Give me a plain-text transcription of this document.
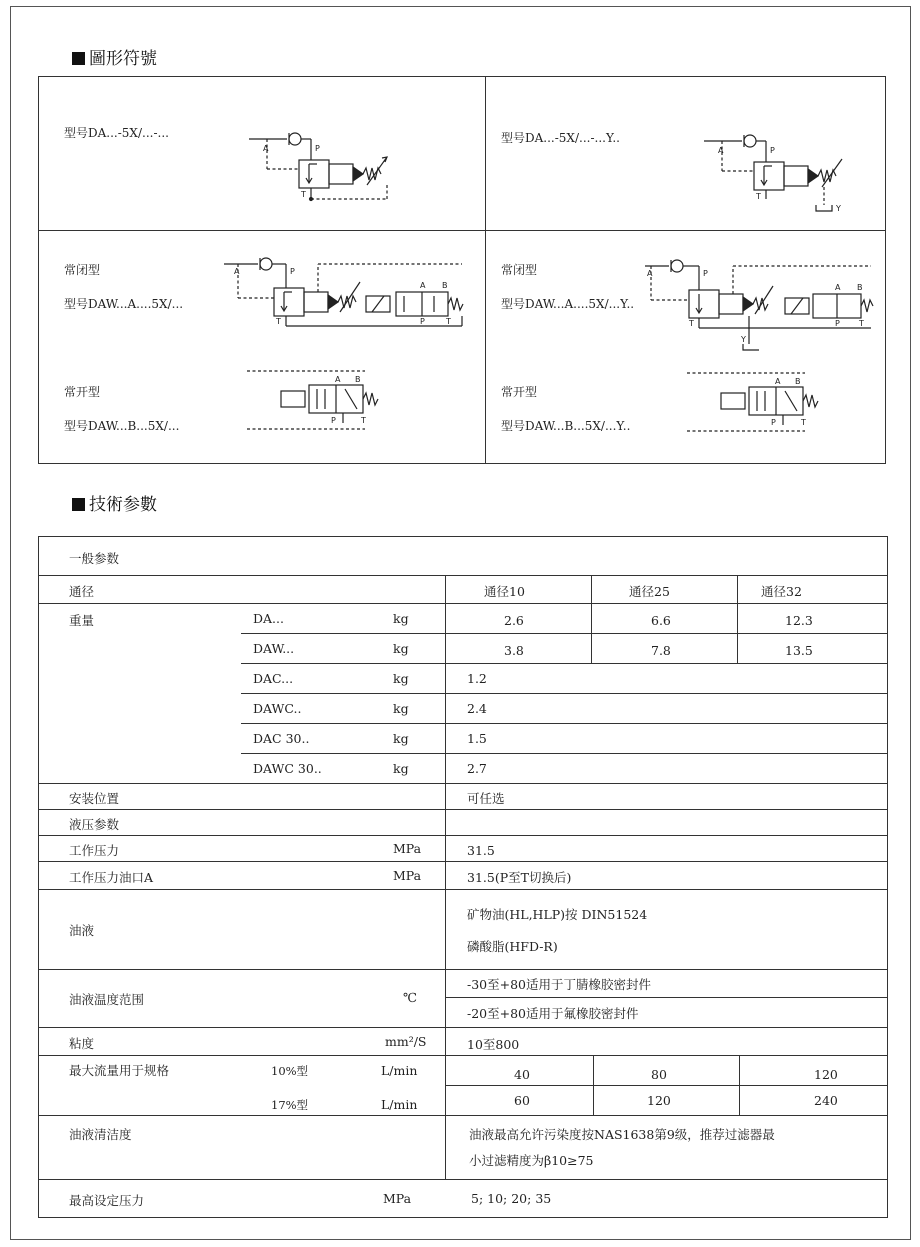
圖形符號
型号DA...-5X/...-...	型号DA...-5X/...-...Y..
常闭型
型号DAW...A....5X/...
常闭型
型号DAW...A....5X/...Y..
常开型
型号DAW...B...5X/...
常开型
型号DAW...B...5X/...Y..
A	P
T
A	P
T
Y
A	P
T
A B
P	T
A	P
T
Y
A B
P T
A B
P	T
A B
P	T
技術参數
一般参数
通径	通径10	通径25	通径32
重量	DA...	kg	2.6	6.6	12.3
DAW...	kg	3.8	7.8	13.5
DAC...	kg	1.2
DAWC..	kg	2.4
DAC 30..	kg	1.5
DAWC 30..	kg	2.7
安装位置	可任选
液压参数
工作压力	MPa	31.5
工作压力油口A	MPa	31.5(P至T切换后)
油液
矿物油(HL,HLP)按 DIN51524
磷酸脂(HFD-R)
油液温度范围	℃
-30至+80适用于丁腈橡胶密封件
-20至+80适用于氟橡胶密封件
粘度	mm²/S	10至800
最大流量用于规格	10%型	L/min	40	80	120
17%型	L/min	60	120	240
油液清洁度	油液最高允许污染度按NAS1638第9级，推荐过滤器最
小过滤精度为β10≥75
最高设定压力	MPa	5; 10; 20; 35
